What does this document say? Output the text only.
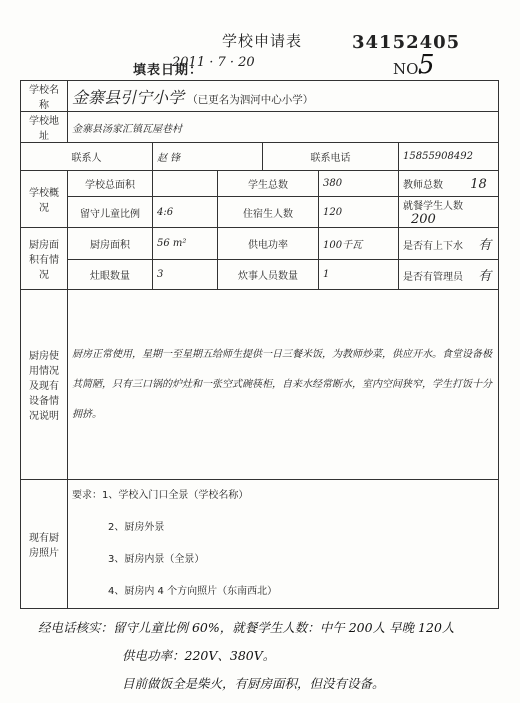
学校申请表	34152405
填表日期：
2011 · 7 · 20	NO.
5
学校名称	金寨县引宁小学 （已更名为泗河中心小学）					
学校地址	金寨县汤家汇镇瓦屋巷村					
联系人		赵 锋		联系电话		15855908492
学校概况	学校总面积		学生总数		380	教师总数 18
	留守儿童比例	4:6	住宿生人数		120	就餐学生人数 200
厨房面积有情况	厨房面积	56 m²	供电功率		100千瓦	是否有上下水 有
	灶眼数量	3	炊事人员数量		1	是否有管理员 有
厨房使用情况及现有设备情况说明	厨房正常使用，星期一至星期五给师生提供一日三餐米饭，为教师炒菜，供应开水。食堂设备极其简陋，只有三口锅的炉灶和一张空式碗筷柜，自来水经常断水，室内空间狭窄，学生打饭十分拥挤。					
现有厨房照片	要求：1、学校入门口全景（学校名称）
2、厨房外景
3、厨房内景（全景）
4、厨房内 4 个方向照片（东南西北）					
经电话核实：留守儿童比例 60%，就餐学生人数：中午 200人 早晚 120人
供电功率：220V、380V。
目前做饭全是柴火，有厨房面积，但没有设备。
